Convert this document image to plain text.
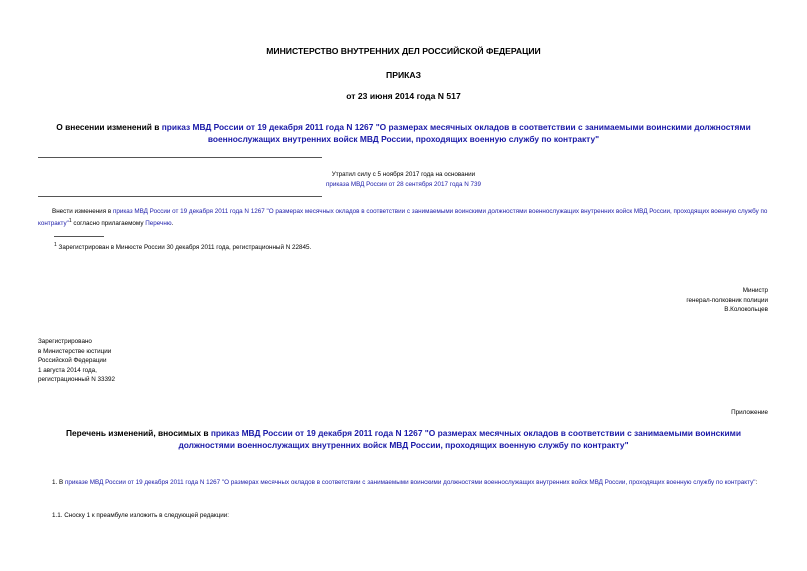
МИНИСТЕРСТВО ВНУТРЕННИХ ДЕЛ РОССИЙСКОЙ ФЕДЕРАЦИИ
ПРИКАЗ
от 23 июня 2014 года N 517
О внесении изменений в приказ МВД России от 19 декабря 2011 года N 1267 "О размерах месячных окладов в соответствии с занимаемыми воинскими должностями военнослужащих внутренних войск МВД России, проходящих военную службу по контракту"
Утратил силу с 5 ноября 2017 года на основании
приказа МВД России от 28 сентября 2017 года N 739
Внести изменения в приказ МВД России от 19 декабря 2011 года N 1267 "О размерах месячных окладов в соответствии с занимаемыми воинскими должностями военнослужащих внутренних войск МВД России, проходящих военную службу по контракту"$^1$ согласно прилагаемому Перечню.
$^1$ Зарегистрирован в Минюсте России 30 декабря 2011 года, регистрационный N 22845.
Министр
генерал-полковник полиции
В.Колокольцев
Зарегистрировано
в Министерстве юстиции
Российской Федерации
1 августа 2014 года,
регистрационный N 33392
Приложение
Перечень изменений, вносимых в приказ МВД России от 19 декабря 2011 года N 1267 "О размерах месячных окладов в соответствии с занимаемыми воинскими должностями военнослужащих внутренних войск МВД России, проходящих военную службу по контракту"
1. В приказе МВД России от 19 декабря 2011 года N 1267 "О размерах месячных окладов в соответствии с занимаемыми воинскими должностями военнослужащих внутренних войск МВД России, проходящих военную службу по контракту":
1.1. Сноску 1 к преамбуле изложить в следующей редакции:
